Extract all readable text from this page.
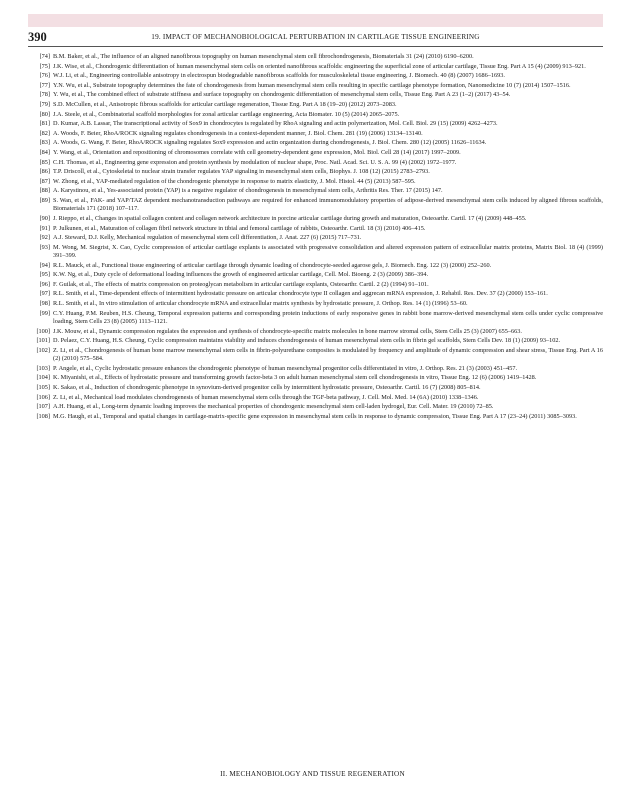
390	19. IMPACT OF MECHANOBIOLOGICAL PERTURBATION IN CARTILAGE TISSUE ENGINEERING
[74] B.M. Baker, et al., The influence of an aligned nanofibrous topography on human mesenchymal stem cell fibrochondrogenesis, Biomaterials 31 (24) (2010) 6190–6200.
[75] J.K. Wise, et al., Chondrogenic differentiation of human mesenchymal stem cells on oriented nanofibrous scaffolds: engineering the superficial zone of articular cartilage, Tissue Eng. Part A 15 (4) (2009) 913–921.
[76] W.J. Li, et al., Engineering controllable anisotropy in electrospun biodegradable nanofibrous scaffolds for musculoskeletal tissue engineering, J. Biomech. 40 (8) (2007) 1686–1693.
[77] Y.N. Wu, et al., Substrate topography determines the fate of chondrogenesis from human mesenchymal stem cells resulting in specific cartilage phenotype formation, Nanomedicine 10 (7) (2014) 1507–1516.
[78] Y. Wu, et al., The combined effect of substrate stiffness and surface topography on chondrogenic differentiation of mesenchymal stem cells, Tissue Eng. Part A 23 (1–2) (2017) 43–54.
[79] S.D. McCullen, et al., Anisotropic fibrous scaffolds for articular cartilage regeneration, Tissue Eng. Part A 18 (19–20) (2012) 2073–2083.
[80] J.A. Steele, et al., Combinatorial scaffold morphologies for zonal articular cartilage engineering, Acta Biomater. 10 (5) (2014) 2065–2075.
[81] D. Kumar, A.B. Lassar, The transcriptional activity of Sox9 in chondrocytes is regulated by RhoA signaling and actin polymerization, Mol. Cell. Biol. 29 (15) (2009) 4262–4273.
[82] A. Woods, F. Beier, RhoA/ROCK signaling regulates chondrogenesis in a context-dependent manner, J. Biol. Chem. 281 (19) (2006) 13134–13140.
[83] A. Woods, G. Wang, F. Beier, RhoA/ROCK signaling regulates Sox9 expression and actin organization during chondrogenesis, J. Biol. Chem. 280 (12) (2005) 11626–11634.
[84] Y. Wang, et al., Orientation and repositioning of chromosomes correlate with cell geometry-dependent gene expression, Mol. Biol. Cell 28 (14) (2017) 1997–2009.
[85] C.H. Thomas, et al., Engineering gene expression and protein synthesis by modulation of nuclear shape, Proc. Natl. Acad. Sci. U. S. A. 99 (4) (2002) 1972–1977.
[86] T.P. Driscoll, et al., Cytoskeletal to nuclear strain transfer regulates YAP signaling in mesenchymal stem cells, Biophys. J. 108 (12) (2015) 2783–2793.
[87] W. Zhong, et al., YAP-mediated regulation of the chondrogenic phenotype in response to matrix elasticity, J. Mol. Histol. 44 (5) (2013) 587–595.
[88] A. Karystinou, et al., Yes-associated protein (YAP) is a negative regulator of chondrogenesis in mesenchymal stem cells, Arthritis Res. Ther. 17 (2015) 147.
[89] S. Wan, et al., FAK- and YAP/TAZ dependent mechanotransduction pathways are required for enhanced immunomodulatory properties of adipose-derived mesenchymal stem cells induced by aligned fibrous scaffolds, Biomaterials 171 (2018) 107–117.
[90] J. Rieppo, et al., Changes in spatial collagen content and collagen network architecture in porcine articular cartilage during growth and maturation, Osteoarthr. Cartil. 17 (4) (2009) 448–455.
[91] P. Julkunen, et al., Maturation of collagen fibril network structure in tibial and femoral cartilage of rabbits, Osteoarthr. Cartil. 18 (3) (2010) 406–415.
[92] A.J. Steward, D.J. Kelly, Mechanical regulation of mesenchymal stem cell differentiation, J. Anat. 227 (6) (2015) 717–731.
[93] M. Wong, M. Siegrist, X. Cao, Cyclic compression of articular cartilage explants is associated with progressive consolidation and altered expression pattern of extracellular matrix proteins, Matrix Biol. 18 (4) (1999) 391–399.
[94] R.L. Mauck, et al., Functional tissue engineering of articular cartilage through dynamic loading of chondrocyte-seeded agarose gels, J. Biomech. Eng. 122 (3) (2000) 252–260.
[95] K.W. Ng, et al., Duty cycle of deformational loading influences the growth of engineered articular cartilage, Cell. Mol. Bioeng. 2 (3) (2009) 386–394.
[96] F. Guilak, et al., The effects of matrix compression on proteoglycan metabolism in articular cartilage explants, Osteoarthr. Cartil. 2 (2) (1994) 91–101.
[97] R.L. Smith, et al., Time-dependent effects of intermittent hydrostatic pressure on articular chondrocyte type II collagen and aggrecan mRNA expression, J. Rehabil. Res. Dev. 37 (2) (2000) 153–161.
[98] R.L. Smith, et al., In vitro stimulation of articular chondrocyte mRNA and extracellular matrix synthesis by hydrostatic pressure, J. Orthop. Res. 14 (1) (1996) 53–60.
[99] C.Y. Huang, P.M. Reuben, H.S. Cheung, Temporal expression patterns and corresponding protein inductions of early responsive genes in rabbit bone marrow-derived mesenchymal stem cells under cyclic compressive loading, Stem Cells 23 (8) (2005) 1113–1121.
[100] J.K. Mouw, et al., Dynamic compression regulates the expression and synthesis of chondrocyte-specific matrix molecules in bone marrow stromal cells, Stem Cells 25 (3) (2007) 655–663.
[101] D. Pelaez, C.Y. Huang, H.S. Cheung, Cyclic compression maintains viability and induces chondrogenesis of human mesenchymal stem cells in fibrin gel scaffolds, Stem Cells Dev. 18 (1) (2009) 93–102.
[102] Z. Li, et al., Chondrogenesis of human bone marrow mesenchymal stem cells in fibrin-polyurethane composites is modulated by frequency and amplitude of dynamic compression and shear stress, Tissue Eng. Part A 16 (2) (2010) 575–584.
[103] P. Angele, et al., Cyclic hydrostatic pressure enhances the chondrogenic phenotype of human mesenchymal progenitor cells differentiated in vitro, J. Orthop. Res. 21 (3) (2003) 451–457.
[104] K. Miyanishi, et al., Effects of hydrostatic pressure and transforming growth factor-beta 3 on adult human mesenchymal stem cell chondrogenesis in vitro, Tissue Eng. 12 (6) (2006) 1419–1428.
[105] K. Sakao, et al., Induction of chondrogenic phenotype in synovium-derived progenitor cells by intermittent hydrostatic pressure, Osteoarthr. Cartil. 16 (7) (2008) 805–814.
[106] Z. Li, et al., Mechanical load modulates chondrogenesis of human mesenchymal stem cells through the TGF-beta pathway, J. Cell. Mol. Med. 14 (6A) (2010) 1338–1346.
[107] A.H. Huang, et al., Long-term dynamic loading improves the mechanical properties of chondrogenic mesenchymal stem cell-laden hydrogel, Eur. Cell. Mater. 19 (2010) 72–85.
[108] M.G. Haugh, et al., Temporal and spatial changes in cartilage-matrix-specific gene expression in mesenchymal stem cells in response to dynamic compression, Tissue Eng. Part A 17 (23–24) (2011) 3085–3093.
II. MECHANOBIOLOGY AND TISSUE REGENERATION
